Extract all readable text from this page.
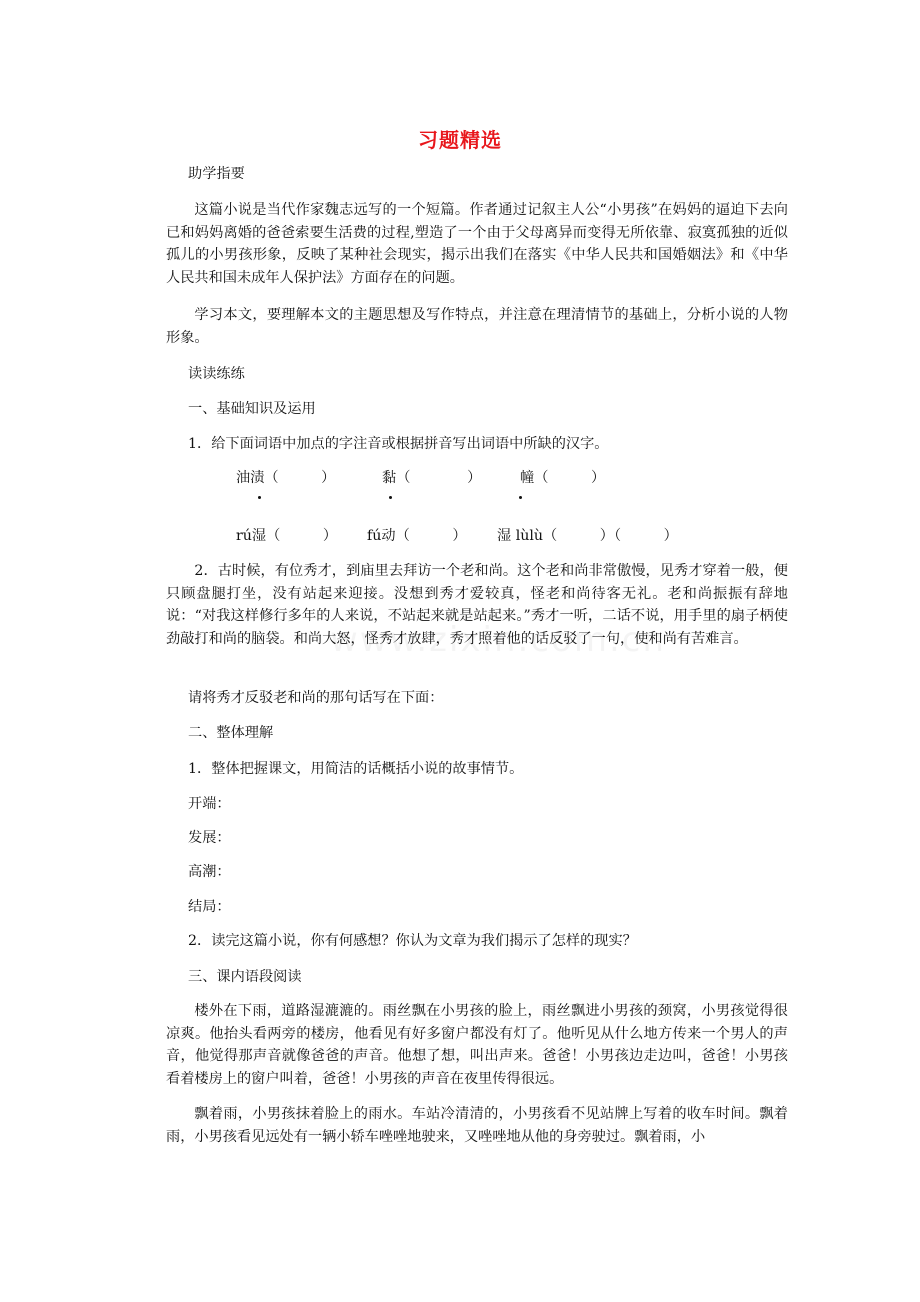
习题精选

助学指要

这篇小说是当代作家魏志远写的一个短篇。作者通过记叙主人公“小男孩”在妈妈的逼迫下去向已和妈妈离婚的爸爸索要生活费的过程,塑造了一个由于父母离异而变得无所依靠、寂寞孤独的近似孤儿的小男孩形象，反映了某种社会现实，揭示出我们在落实《中华人民共和国婚姻法》和《中华人民共和国未成年人保护法》方面存在的问题。

学习本文，要理解本文的主题思想及写作特点，并注意在理清情节的基础上，分析小说的人物形象。

读读练练

一、基础知识及运用

1．给下面词语中加点的字注音或根据拼音写出词语中所缺的汉字。

油渍（　　　）	黏（　　　　）	幢（　　　）

rú湿（　　　） fú动（　　　） 湿 lùlù（　　　）（　　　）

2．古时候，有位秀才，到庙里去拜访一个老和尚。这个老和尚非常傲慢，见秀才穿着一般，便只顾盘腿打坐，没有站起来迎接。没想到秀才爱较真，怪老和尚待客无礼。老和尚振振有辞地说：“对我这样修行多年的人来说，不站起来就是站起来。”秀才一听，二话不说，用手里的扇子柄使劲敲打和尚的脑袋。和尚大怒，怪秀才放肆，秀才照着他的话反驳了一句，使和尚有苦难言。

请将秀才反驳老和尚的那句话写在下面：

二、整体理解

1．整体把握课文，用简洁的话概括小说的故事情节。

开端：

发展：

高潮：

结局：

2．读完这篇小说，你有何感想？你认为文章为我们揭示了怎样的现实？

三、课内语段阅读

楼外在下雨，道路湿漉漉的。雨丝飘在小男孩的脸上，雨丝飘进小男孩的颈窝，小男孩觉得很凉爽。他抬头看两旁的楼房，他看见有好多窗户都没有灯了。他听见从什么地方传来一个男人的声音，他觉得那声音就像爸爸的声音。他想了想，叫出声来。爸爸！小男孩边走边叫，爸爸！小男孩看着楼房上的窗户叫着，爸爸！小男孩的声音在夜里传得很远。

飘着雨，小男孩抹着脸上的雨水。车站冷清清的，小男孩看不见站牌上写着的收车时间。飘着雨，小男孩看见远处有一辆小轿车唑唑地驶来，又唑唑地从他的身旁驶过。飘着雨，小
